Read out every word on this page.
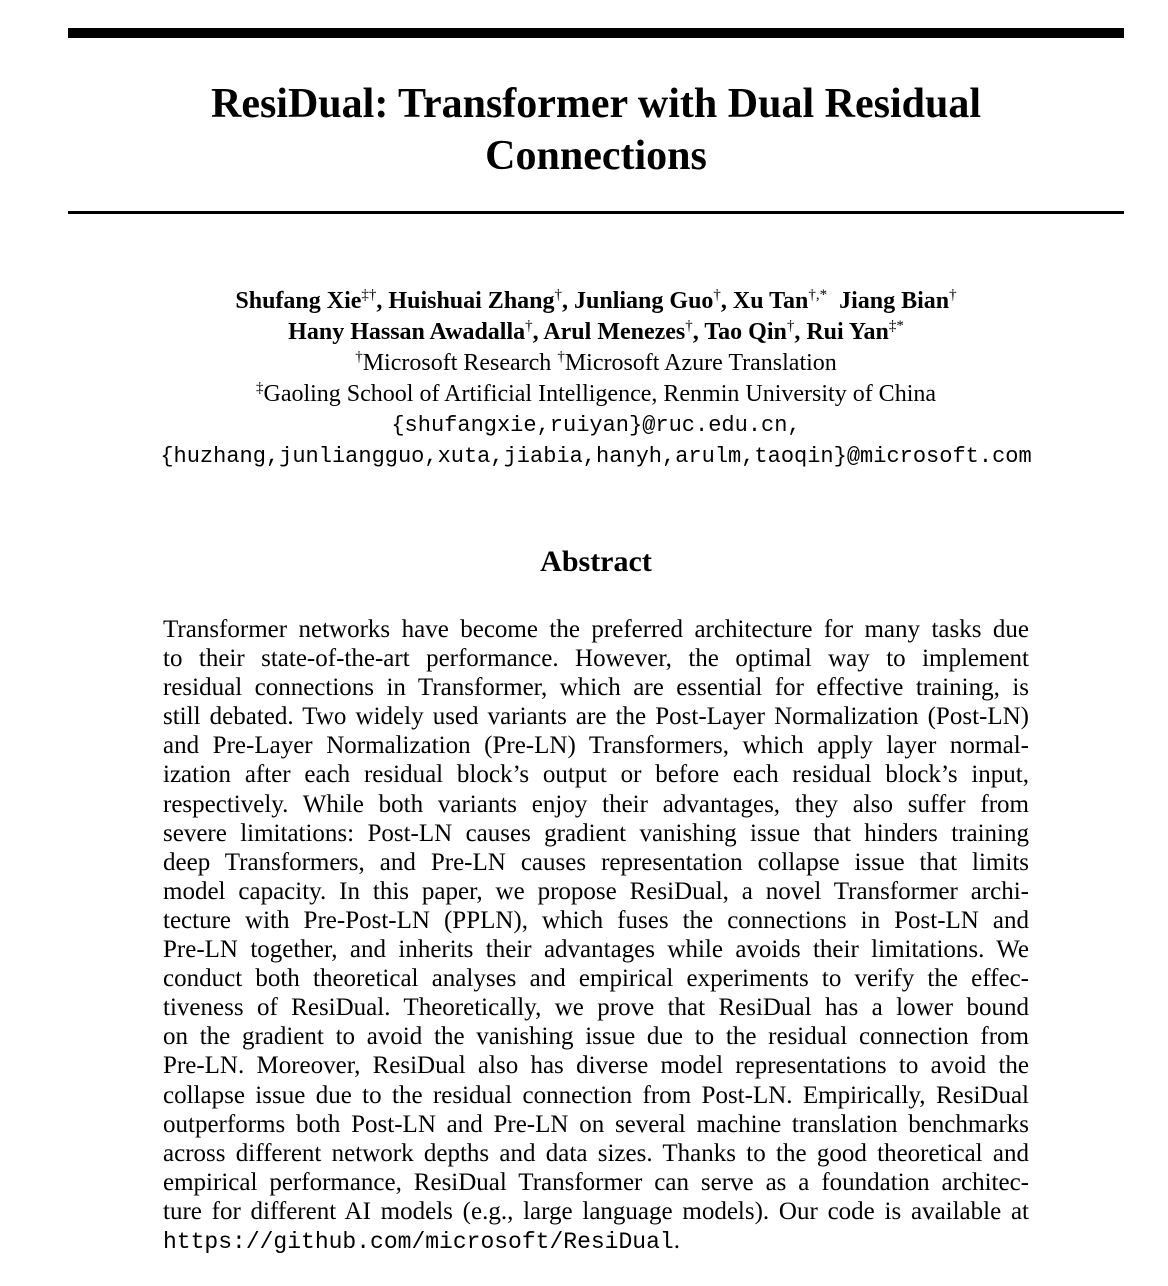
ResiDual: Transformer with Dual Residual
Connections
Shufang Xie‡†, Huishuai Zhang†, Junliang Guo†, Xu Tan†,* Jiang Bian†
Hany Hassan Awadalla†, Arul Menezes†, Tao Qin†, Rui Yan‡*
†Microsoft Research †Microsoft Azure Translation
‡Gaoling School of Artificial Intelligence, Renmin University of China
{shufangxie,ruiyan}@ruc.edu.cn,
{huzhang,junliangguo,xuta,jiabia,hanyh,arulm,taoqin}@microsoft.com
Abstract
Transformer networks have become the preferred architecture for many tasks due
to their state-of-the-art performance. However, the optimal way to implement
residual connections in Transformer, which are essential for effective training, is
still debated. Two widely used variants are the Post-Layer Normalization (Post-LN)
and Pre-Layer Normalization (Pre-LN) Transformers, which apply layer normal-
ization after each residual block’s output or before each residual block’s input,
respectively. While both variants enjoy their advantages, they also suffer from
severe limitations: Post-LN causes gradient vanishing issue that hinders training
deep Transformers, and Pre-LN causes representation collapse issue that limits
model capacity. In this paper, we propose ResiDual, a novel Transformer archi-
tecture with Pre-Post-LN (PPLN), which fuses the connections in Post-LN and
Pre-LN together, and inherits their advantages while avoids their limitations. We
conduct both theoretical analyses and empirical experiments to verify the effec-
tiveness of ResiDual. Theoretically, we prove that ResiDual has a lower bound
on the gradient to avoid the vanishing issue due to the residual connection from
Pre-LN. Moreover, ResiDual also has diverse model representations to avoid the
collapse issue due to the residual connection from Post-LN. Empirically, ResiDual
outperforms both Post-LN and Pre-LN on several machine translation benchmarks
across different network depths and data sizes. Thanks to the good theoretical and
empirical performance, ResiDual Transformer can serve as a foundation architec-
ture for different AI models (e.g., large language models). Our code is available at
https://github.com/microsoft/ResiDual.
